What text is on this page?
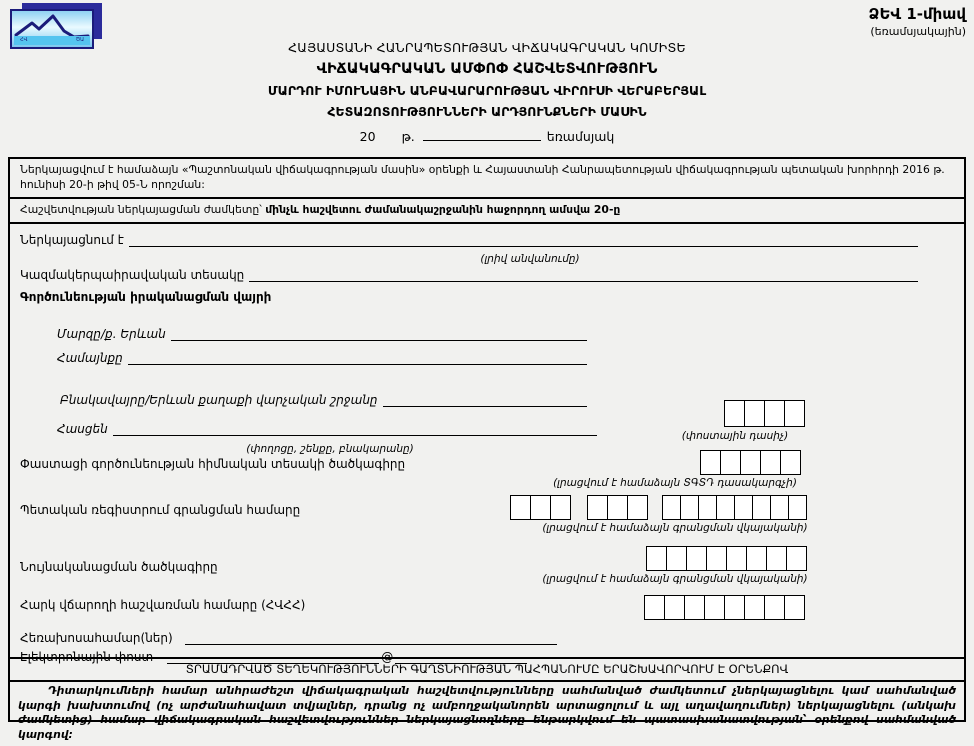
ՀՎ	ԾԱ
ՁԵՎ 1-միավ
(եռամսյակային)
ՀԱՅԱՍՏԱՆԻ ՀԱՆՐԱՊԵՏՈՒԹՅԱՆ ՎԻՃԱԿԱԳՐԱԿԱՆ ԿՈՄԻՏԵ
ՎԻՃԱԿԱԳՐԱԿԱՆ ԱՄՓՈՓ ՀԱՇՎԵՏՎՈՒԹՅՈՒՆ
ՄԱՐԴՈՒ ԻՄՈՒՆԱՅԻՆ ԱՆԲԱՎԱՐԱՐՈՒԹՅԱՆ ՎԻՐՈՒՍԻ ՎԵՐԱԲԵՐՅԱԼ
ՀԵՏԱԶՈՏՈՒԹՅՈՒՆՆԵՐԻ ԱՐԴՅՈՒՆՔՆԵՐԻ ՄԱՍԻՆ
20 թ.	եռամսյակ
Ներկայացվում է համաձայն «Պաշտոնական վիճակագրության մասին» օրենքի և Հայաստանի Հանրապետության վիճակագրության պետական խորհրդի 2016 թ. հունիսի 20-ի թիվ 05-Ն որոշման:
Հաշվետվության ներկայացման ժամկետը՝ մինչև հաշվետու ժամանակաշրջանին հաջորդող ամսվա 20-ը
Ներկայացնում է
(լրիվ անվանումը)
Կազմակերպաիրավական տեսակը
Գործունեության իրականացման վայրի
Մարզը/ք. Երևան
Համայնքը
Բնակավայրը/Երևան քաղաքի վարչական շրջանը
Հասցեն
(փողոցը, շենքը, բնակարանը)
(փոստային դասիչ)
Փաստացի գործունեության հիմնական տեսակի ծածկագիրը
(լրացվում է համաձայն ՏԳՏԴ դասակարգչի)
Պետական ռեգիստրում գրանցման համարը
(լրացվում է համաձայն գրանցման վկայականի)
Նույնականացման ծածկագիրը
(լրացվում է համաձայն գրանցման վկայականի)
Հարկ վճարողի հաշվառման համարը (ՀՎՀՀ)
Հեռախոսահամար(ներ)
Էլեկտրոնային փոստ	@
ՏՐԱՄԱԴՐՎԱԾ ՏԵՂԵԿՈՒԹՅՈՒՆՆԵՐԻ ԳԱՂՏՆԻՈՒԹՅԱՆ ՊԱՀՊԱՆՈՒՄԸ ԵՐԱՇԽԱՎՈՐՎՈՒՄ Է ՕՐԵՆՔՈՎ

Դիտարկումների համար անհրաժեշտ վիճակագրական հաշվետվությունները սահմանված ժամկետում չներկայացնելու կամ սահմանված կարգի խախտումով (ոչ արժանահավատ տվյալներ, դրանց ոչ ամբողջականորեն արտացոլում և այլ աղավաղումներ) ներկայացնելու (անկախ ժամկետից) համար վիճակագրական հաշվետվություններ ներկայացնողները ենթարկվում են պատասխանատվության՝ օրենքով սահմանված կարգով:
